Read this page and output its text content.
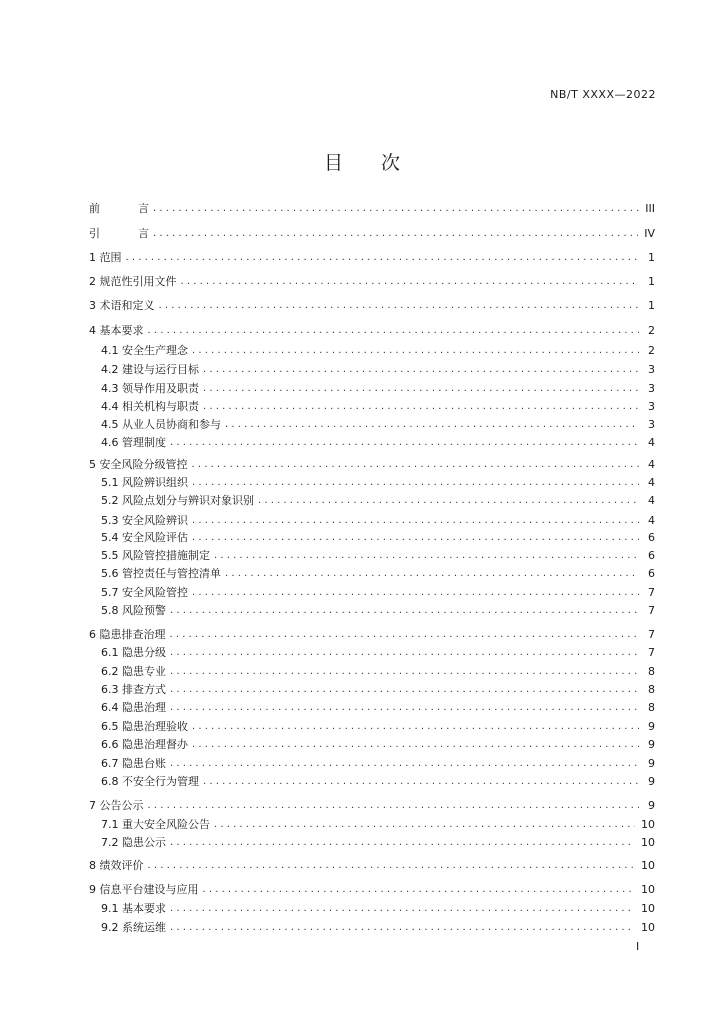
NB/T XXXX—2022
目次
前	言 . . .	III
引	言 . . .	IV
1 范围 . . .	1
2 规范性引用文件 . . .	1
3 术语和定义 . . .	1
4 基本要求 . . .	2
4.1 安全生产理念 . . .	2
4.2 建设与运行目标 . . .	3
4.3 领导作用及职责 . . .	3
4.4 相关机构与职责 . . .	3
4.5 从业人员协商和参与 . . .	3
4.6 管理制度 . . .	4
5 安全风险分级管控 . . .	4
5.1 风险辨识组织 . . .	4
5.2 风险点划分与辨识对象识别 . . .	4
5.3 安全风险辨识 . . .	4
5.4 安全风险评估 . . .	6
5.5 风险管控措施制定 . . .	6
5.6 管控责任与管控清单 . . .	6
5.7 安全风险管控 . . .	7
5.8 风险预警 . . .	7
6 隐患排查治理 . . .	7
6.1 隐患分级 . . .	7
6.2 隐患专业 . . .	8
6.3 排查方式 . . .	8
6.4 隐患治理 . . .	8
6.5 隐患治理验收 . . .	9
6.6 隐患治理督办 . . .	9
6.7 隐患台账 . . .	9
6.8 不安全行为管理 . . .	9
7 公告公示 . . .	9
7.1 重大安全风险公告 . . .	10
7.2 隐患公示 . . .	10
8 绩效评价 . . .	10
9 信息平台建设与应用 . . .	10
9.1 基本要求 . . .	10
9.2 系统运维 . . .	10
I
